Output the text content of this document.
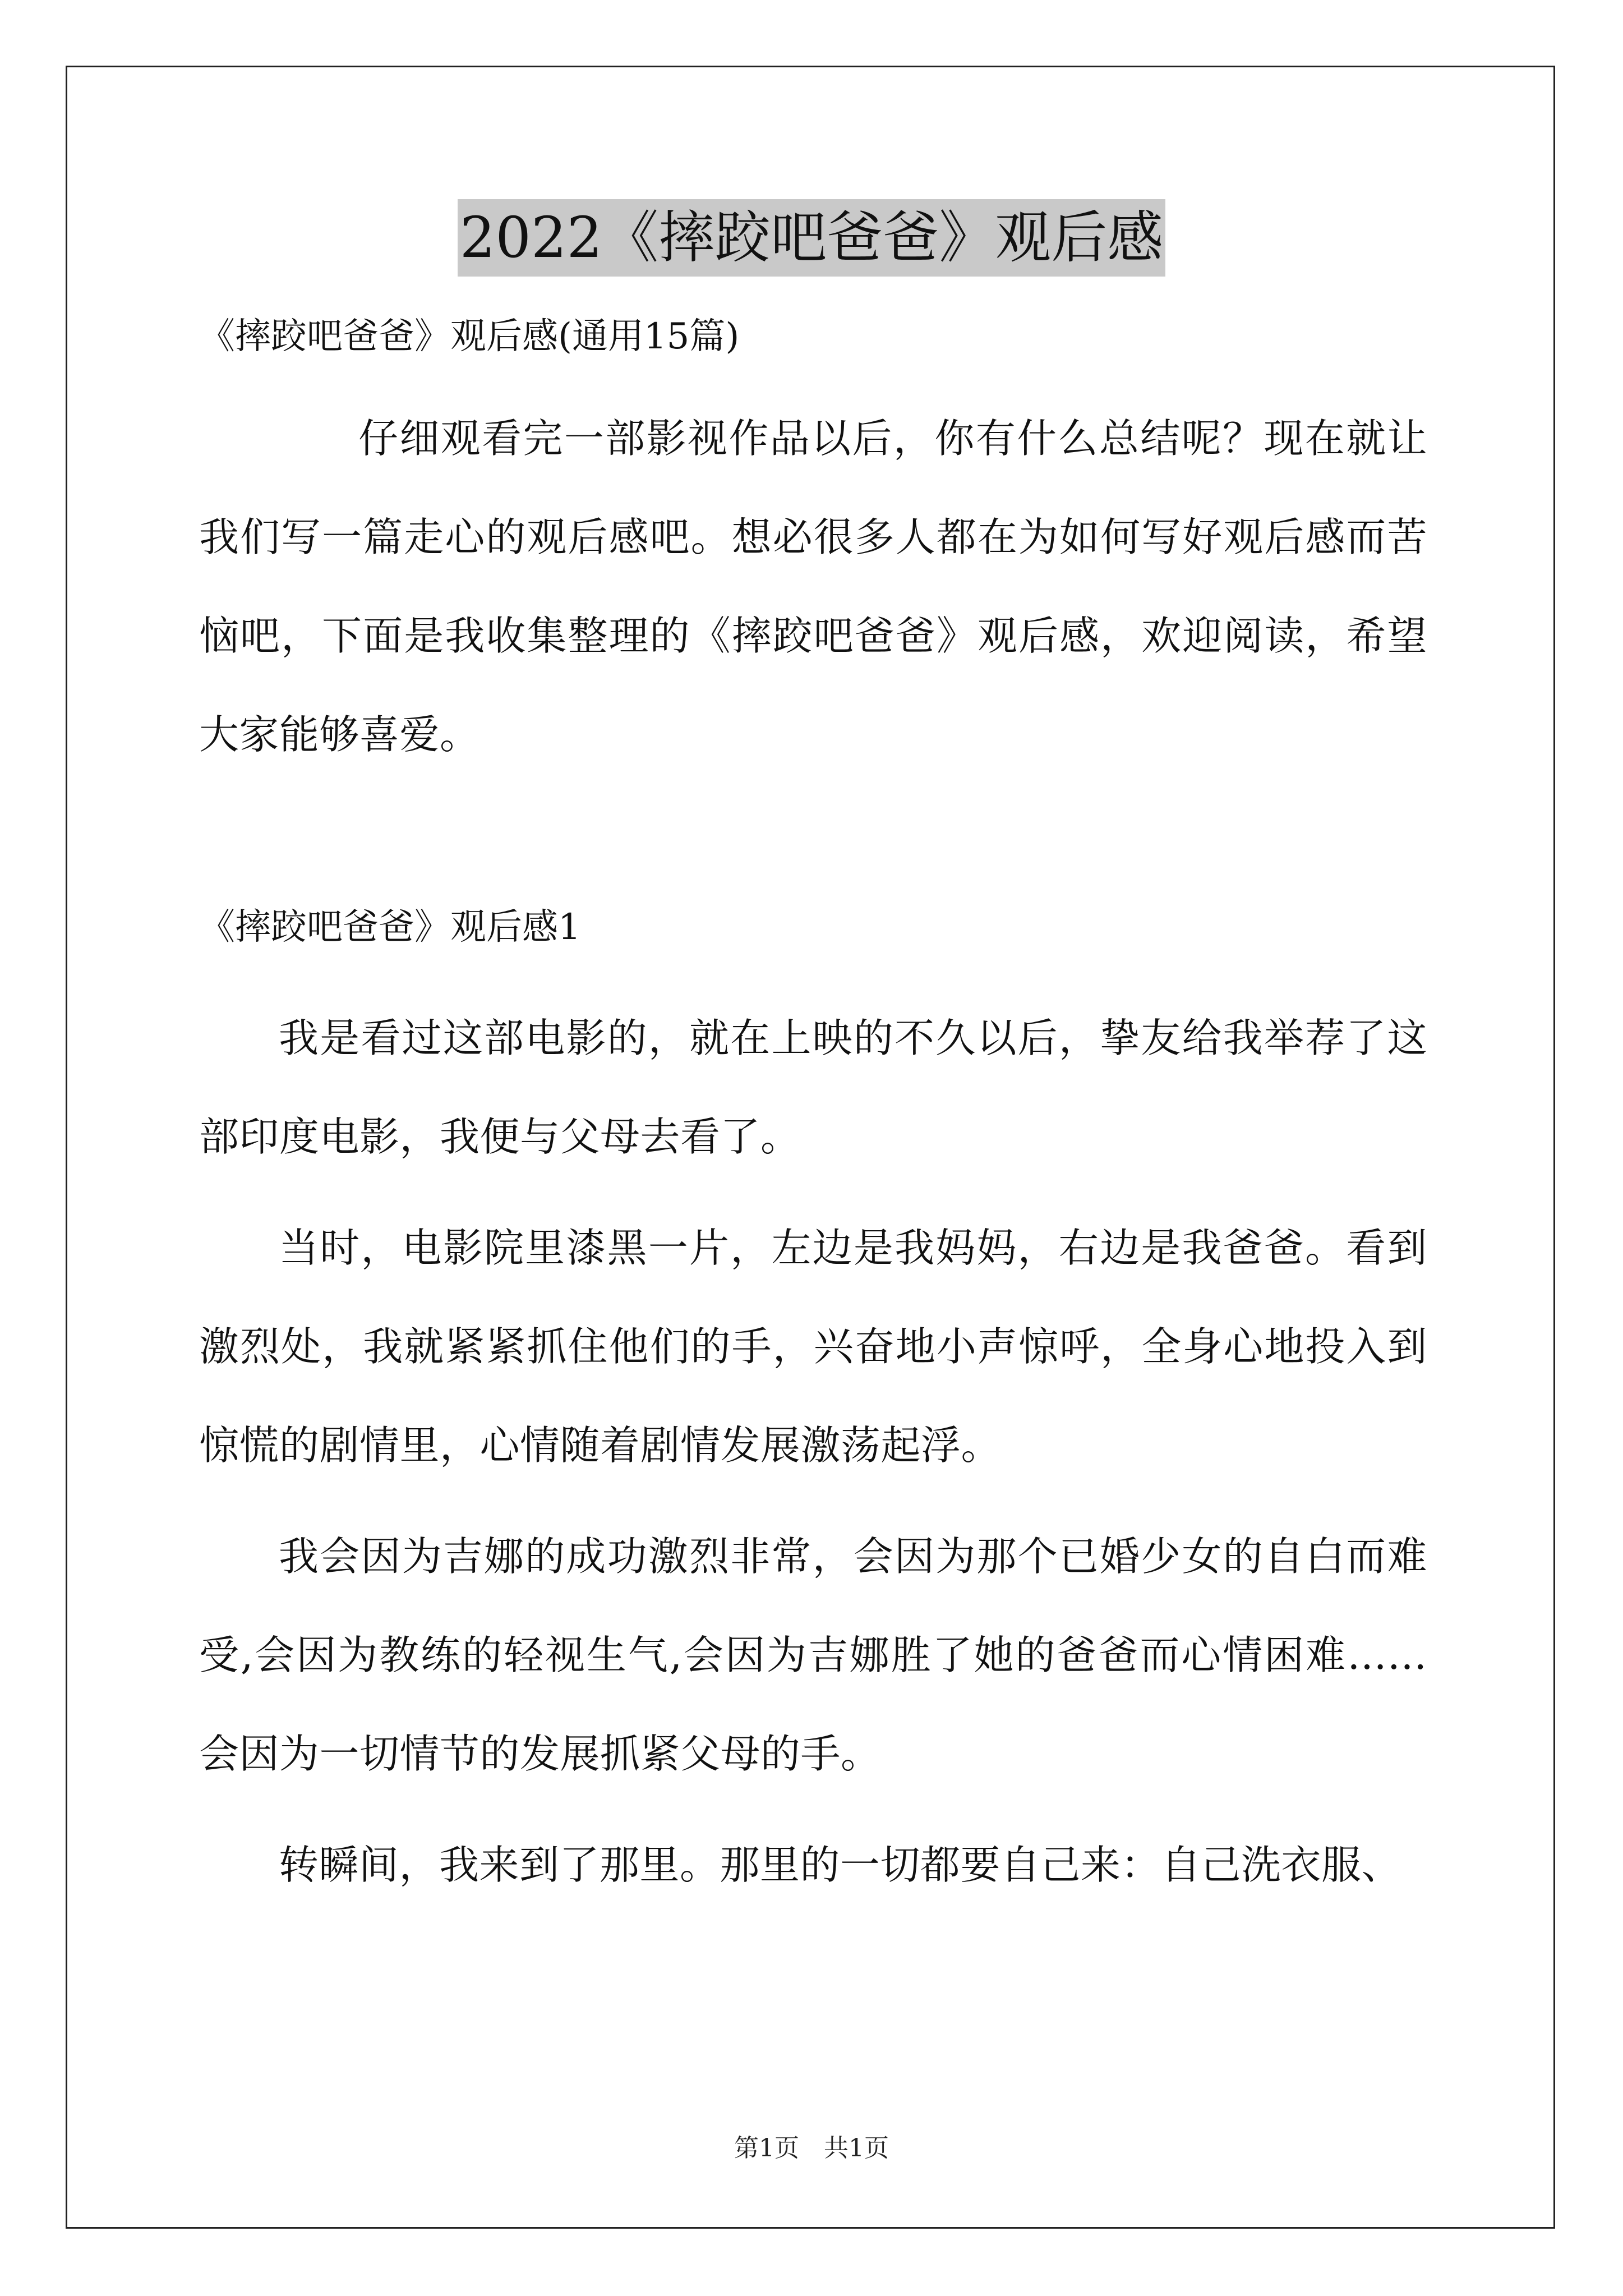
2022《摔跤吧爸爸》观后感
《摔跤吧爸爸》观后感(通用15篇)

仔细观看完一部影视作品以后，你有什么总结呢？现在就让我们写一篇走心的观后感吧。想必很多人都在为如何写好观后感而苦恼吧，下面是我收集整理的《摔跤吧爸爸》观后感，欢迎阅读，希望大家能够喜爱。

《摔跤吧爸爸》观后感1

我是看过这部电影的，就在上映的不久以后，挚友给我举荐了这部印度电影，我便与父母去看了。

当时，电影院里漆黑一片，左边是我妈妈，右边是我爸爸。看到激烈处，我就紧紧抓住他们的手，兴奋地小声惊呼，全身心地投入到惊慌的剧情里，心情随着剧情发展激荡起浮。

我会因为吉娜的成功激烈非常，会因为那个已婚少女的自白而难受,会因为教练的轻视生气,会因为吉娜胜了她的爸爸而心情困难……会因为一切情节的发展抓紧父母的手。

转瞬间，我来到了那里。那里的一切都要自己来：自己洗衣服、

第1页　共1页
